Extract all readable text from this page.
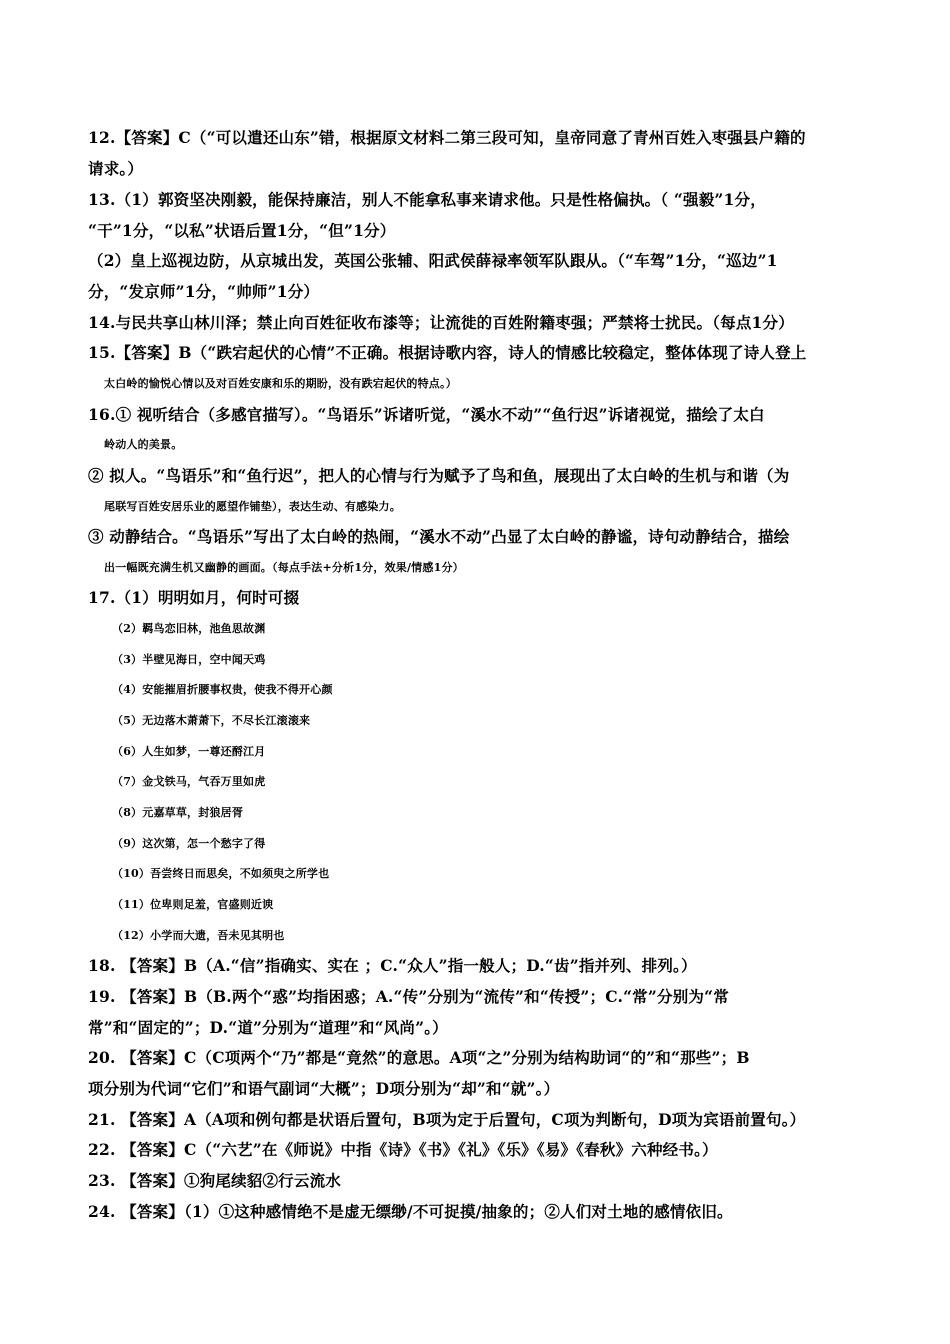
12.【答案】C（“可以遣还山东”错，根据原文材料二第三段可知，皇帝同意了青州百姓入枣强县户籍的
请求。）
13.（1）郭资坚决刚毅，能保持廉洁，别人不能拿私事来请求他。只是性格偏执。（ “强毅”1分，
“干”1分，“以私”状语后置1分，“但”1分）
（2）皇上巡视边防，从京城出发，英国公张辅、阳武侯薛禄率领军队跟从。（“车驾”1分，“巡边”1
分，“发京师”1分，“帅师”1分）
14.与民共享山林川泽；禁止向百姓征收布漆等；让流徙的百姓附籍枣强；严禁将士扰民。（每点1分）
15.【答案】B（“跌宕起伏的心情”不正确。根据诗歌内容，诗人的情感比较稳定，整体体现了诗人登上
太白岭的愉悦心情以及对百姓安康和乐的期盼，没有跌宕起伏的特点。）
16.① 视听结合（多感官描写）。“鸟语乐”诉诸听觉，“溪水不动”“鱼行迟”诉诸视觉，描绘了太白
岭动人的美景。
② 拟人。“鸟语乐”和“鱼行迟”，把人的心情与行为赋予了鸟和鱼，展现出了太白岭的生机与和谐（为
尾联写百姓安居乐业的愿望作铺垫），表达生动、有感染力。
③ 动静结合。“鸟语乐”写出了太白岭的热闹，“溪水不动”凸显了太白岭的静谧，诗句动静结合，描绘
出一幅既充满生机又幽静的画面。（每点手法+分析1分，效果/情感1分）
17.（1）明明如月，何时可掇
（2）羁鸟恋旧林，池鱼思故渊
（3）半壁见海日，空中闻天鸡
（4）安能摧眉折腰事权贵，使我不得开心颜
（5）无边落木萧萧下，不尽长江滚滚来
（6）人生如梦，一尊还酹江月
（7）金戈铁马，气吞万里如虎
（8）元嘉草草，封狼居胥
（9）这次第，怎一个愁字了得
（10）吾尝终日而思矣，不如须臾之所学也
（11）位卑则足羞，官盛则近谀
（12）小学而大遗，吾未见其明也
18. 【答案】B（A.“信”指确实、实在 ；C.“众人”指一般人；D.“齿”指并列、排列。）
19. 【答案】B（B.两个“惑”均指困惑；A.“传”分别为“流传”和“传授”；C.“常”分别为“常
常”和“固定的”；D.“道”分别为“道理”和“风尚”。）
20. 【答案】C（C项两个“乃”都是“竟然”的意思。A项“之”分别为结构助词“的”和“那些”；B
项分别为代词“它们”和语气副词“大概”；D项分别为“却”和“就”。）
21. 【答案】A（A项和例句都是状语后置句，B项为定于后置句，C项为判断句，D项为宾语前置句。）
22. 【答案】C（“六艺”在《师说》中指《诗》《书》《礼》《乐》《易》《春秋》六种经书。）
23. 【答案】①狗尾续貂②行云流水
24. 【答案】（1）①这种感情绝不是虚无缥缈/不可捉摸/抽象的；②人们对土地的感情依旧。
